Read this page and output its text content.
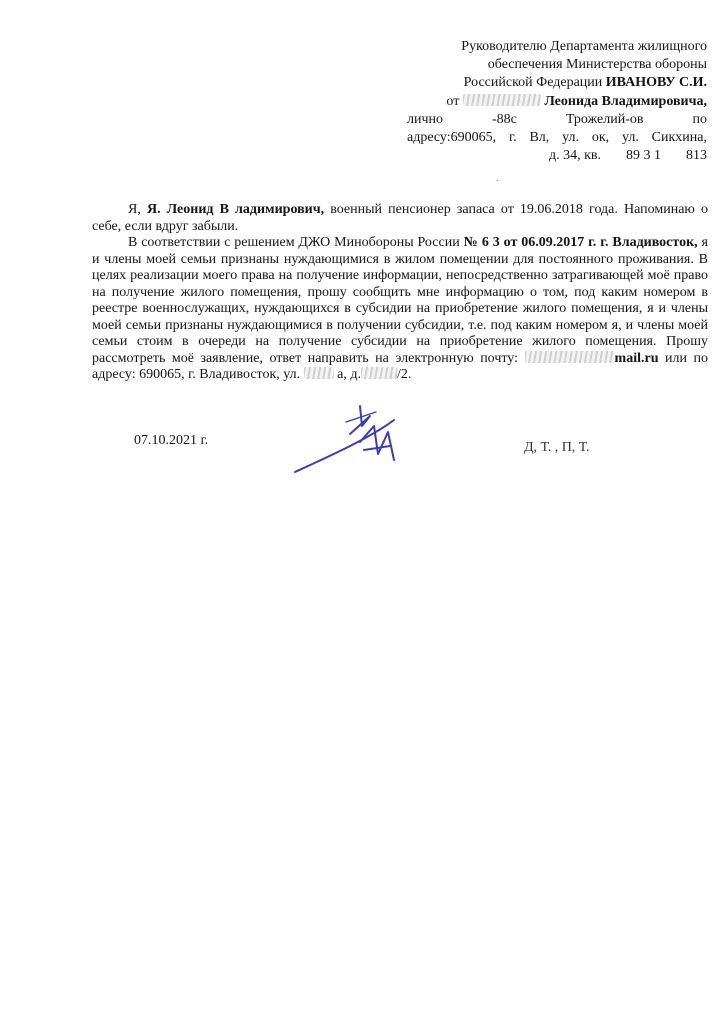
Руководителю Департамента жилищного
обеспечения Министерства обороны
Российской Федерации ИВАНОВУ С.И.
от	Леонида Владимировича,
лично -88с Трожелий-ов по
адресу:690065, г. Вл, ул. ок, ул. Сикхина,
д. 34, кв. 89 3 1 813
·

Я, Я. Леонид В ладимирович, военный пенсионер запаса от 19.06.2018 года. Напоминаю о себе, если вдруг забыли.

В соответствии с решением ДЖО Минобороны России № 6 3 от 06.09.2017 г. г. Владивосток, я и члены моей семьи признаны нуждающимися в жилом помещении для постоянного проживания. В целях реализации моего права на получение информации, непосредственно затрагивающей моё право на получение жилого помещения, прошу сообщить мне информацию о том, под каким номером в реестре военнослужащих, нуждающихся в субсидии на приобретение жилого помещения, я и члены моей семьи признаны нуждающимися в получении субсидии, т.е. под каким номером я, и члены моей семьи стоим в очереди на получение субсидии на приобретение жилого помещения. Прошу рассмотреть моё заявление, ответ направить на электронную почту:	mail.ru или по адресу: 690065, г. Владивосток, ул.	а, д.	/2.

07.10.2021 г.	Д, Т. , П, Т.
